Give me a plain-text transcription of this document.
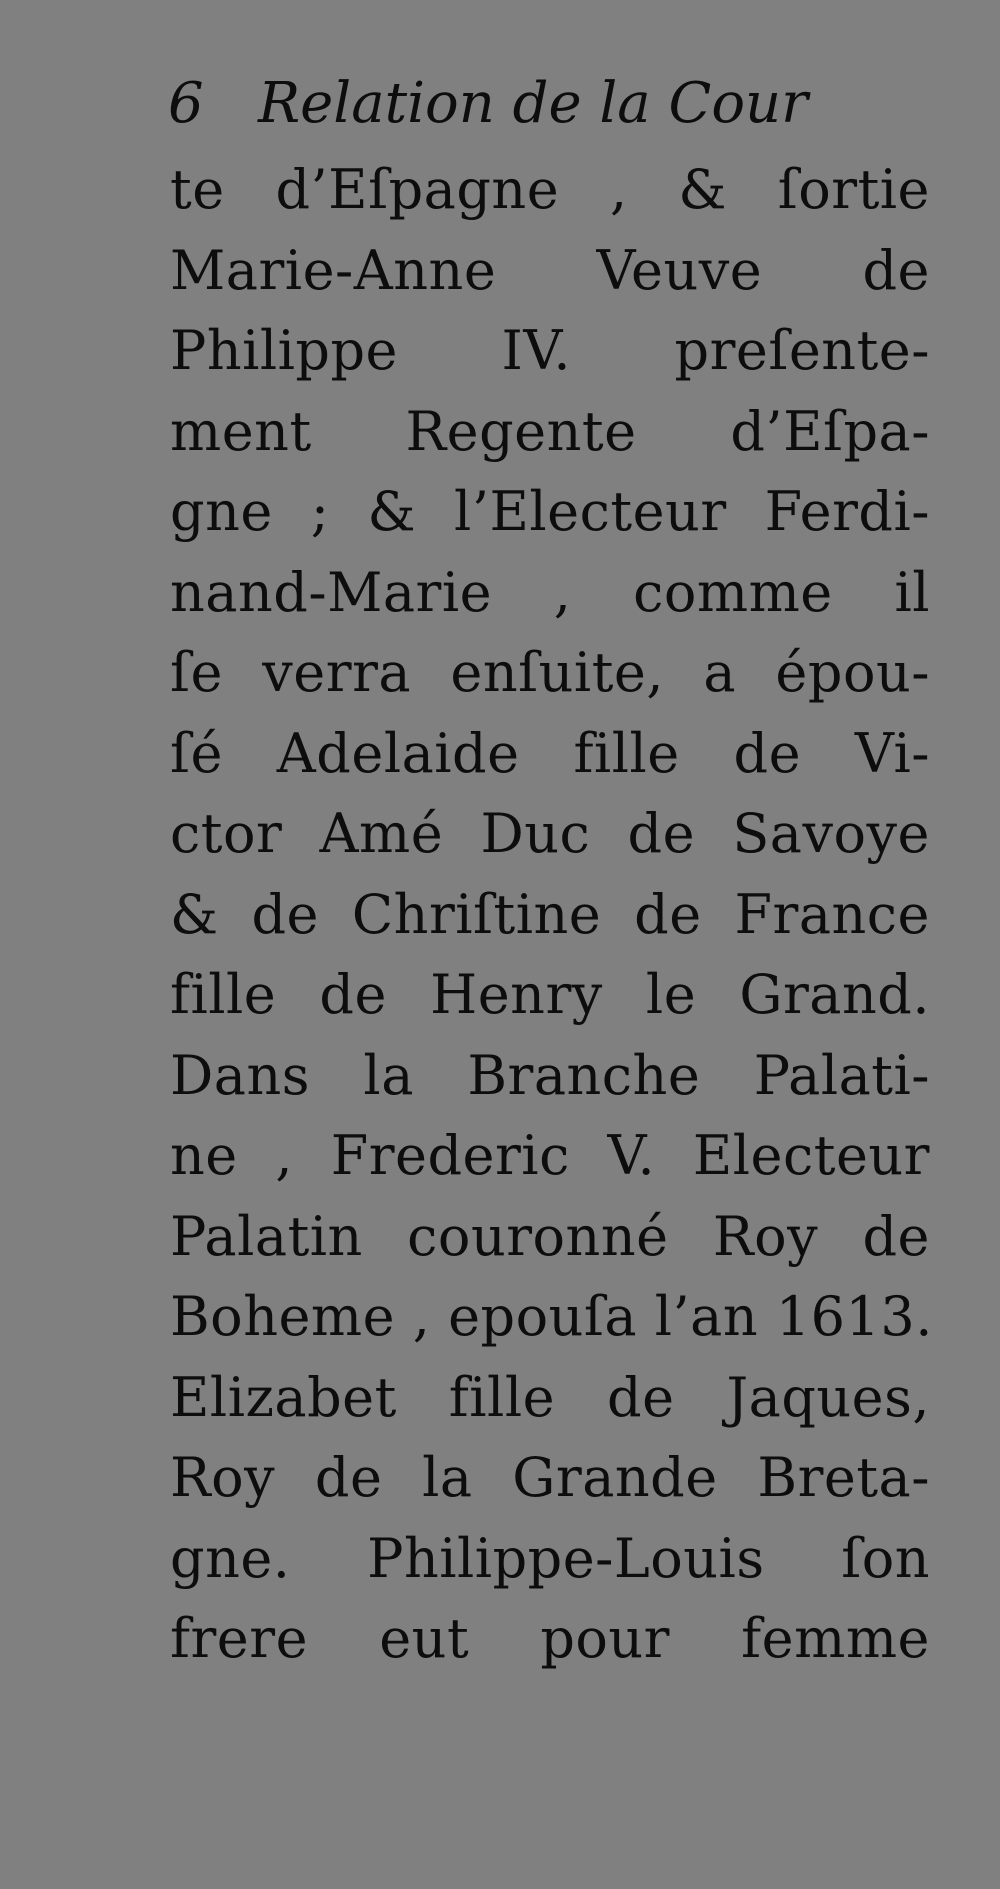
6 Relation de la Cour
te d’Eſpagne , & ſortie
Marie-Anne Veuve de
Philippe IV. preſente-
ment Regente d’Eſpa-
gne ; & l’Electeur Ferdi-
nand-Marie , comme il
ſe verra enſuite, a épou-
ſé Adelaide fille de Vi-
ctor Amé Duc de Savoye
& de Chriſtine de France
fille de Henry le Grand.
Dans la Branche Palati-
ne , Frederic V. Electeur
Palatin couronné Roy de
Boheme , epouſa l’an 1613.
Elizabet fille de Jaques,
Roy de la Grande Breta-
gne. Philippe-Louis ſon
frere eut pour femme
